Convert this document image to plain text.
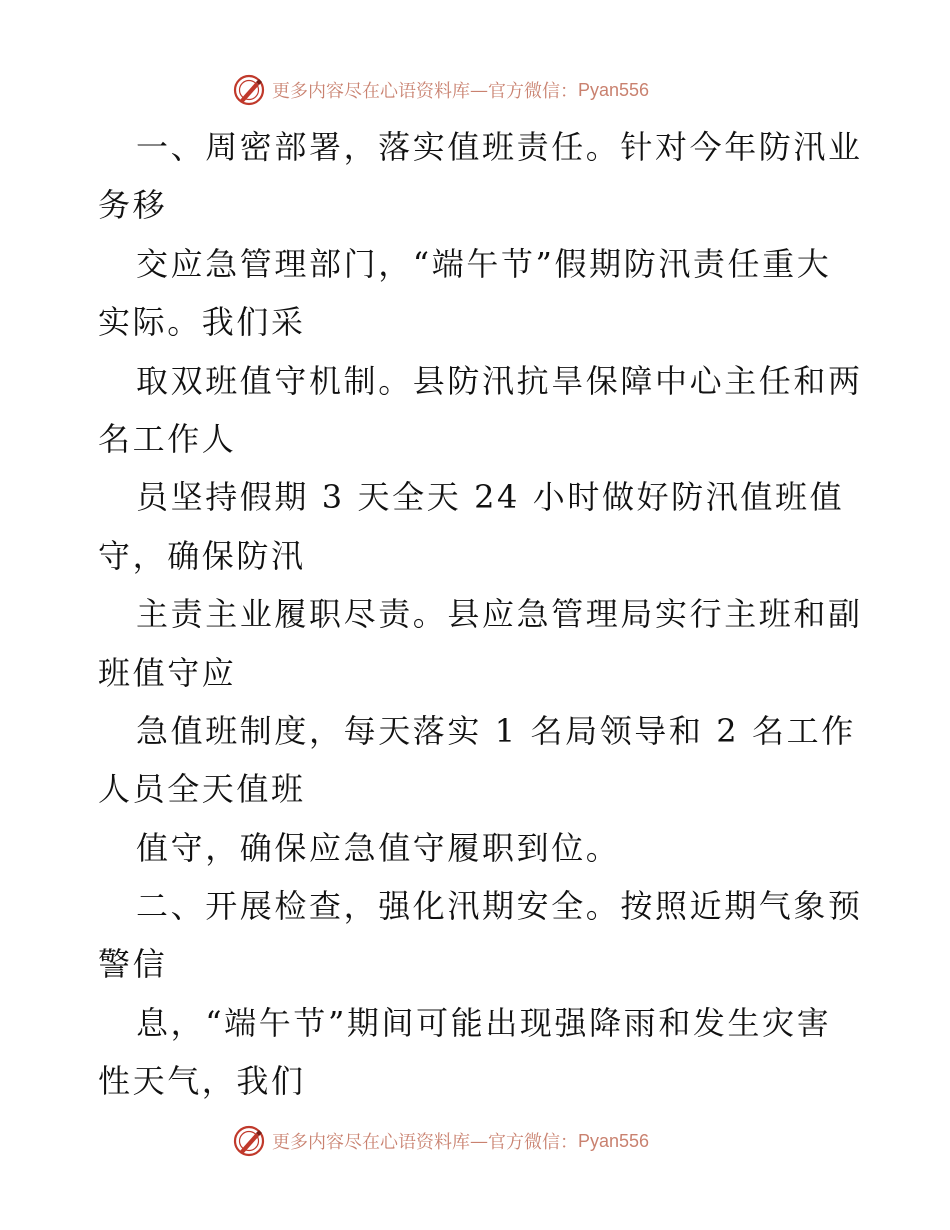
更多内容尽在心语资料库 — 官方微信： Pyan556
一、周密部署，落实值班责任。针对今年防汛业
务移
交应急管理部门，“端午节”假期防汛责任重大
实际。我们采
取双班值守机制。县防汛抗旱保障中心主任和两
名工作人
员坚持假期 3 天全天 24 小时做好防汛值班值
守，确保防汛
主责主业履职尽责。县应急管理局实行主班和副
班值守应
急值班制度，每天落实 1 名局领导和 2 名工作
人员全天值班
值守，确保应急值守履职到位。
二、开展检查，强化汛期安全。按照近期气象预
警信
息，“端午节”期间可能出现强降雨和发生灾害
性天气，我们
更多内容尽在心语资料库 — 官方微信： Pyan556
